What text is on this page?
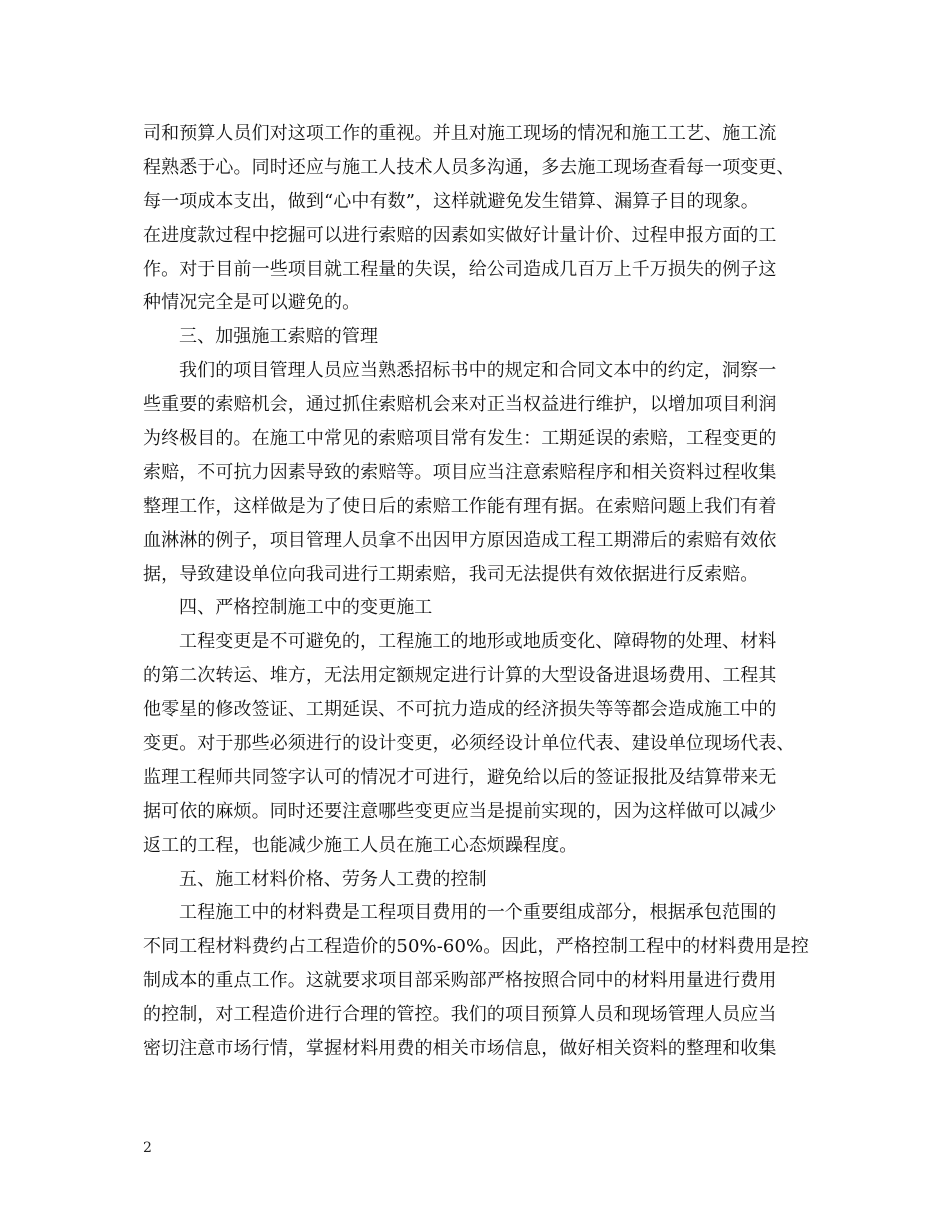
司和预算人员们对这项工作的重视。并且对施工现场的情况和施工工艺、施工流
程熟悉于心。同时还应与施工人技术人员多沟通，多去施工现场查看每一项变更、
每一项成本支出，做到“心中有数”，这样就避免发生错算、漏算子目的现象。
在进度款过程中挖掘可以进行索赔的因素如实做好计量计价、过程申报方面的工
作。对于目前一些项目就工程量的失误，给公司造成几百万上千万损失的例子这
种情况完全是可以避免的。
三、加强施工索赔的管理
我们的项目管理人员应当熟悉招标书中的规定和合同文本中的约定，洞察一
些重要的索赔机会，通过抓住索赔机会来对正当权益进行维护，以增加项目利润
为终极目的。在施工中常见的索赔项目常有发生：工期延误的索赔，工程变更的
索赔，不可抗力因素导致的索赔等。项目应当注意索赔程序和相关资料过程收集
整理工作，这样做是为了使日后的索赔工作能有理有据。在索赔问题上我们有着
血淋淋的例子，项目管理人员拿不出因甲方原因造成工程工期滞后的索赔有效依
据，导致建设单位向我司进行工期索赔，我司无法提供有效依据进行反索赔。
四、严格控制施工中的变更施工
工程变更是不可避免的，工程施工的地形或地质变化、障碍物的处理、材料
的第二次转运、堆方，无法用定额规定进行计算的大型设备进退场费用、工程其
他零星的修改签证、工期延误、不可抗力造成的经济损失等等都会造成施工中的
变更。对于那些必须进行的设计变更，必须经设计单位代表、建设单位现场代表、
监理工程师共同签字认可的情况才可进行，避免给以后的签证报批及结算带来无
据可依的麻烦。同时还要注意哪些变更应当是提前实现的，因为这样做可以减少
返工的工程，也能减少施工人员在施工心态烦躁程度。
五、施工材料价格、劳务人工费的控制
工程施工中的材料费是工程项目费用的一个重要组成部分，根据承包范围的
不同工程材料费约占工程造价的50%-60%。因此，严格控制工程中的材料费用是控
制成本的重点工作。这就要求项目部采购部严格按照合同中的材料用量进行费用
的控制，对工程造价进行合理的管控。我们的项目预算人员和现场管理人员应当
密切注意市场行情，掌握材料用费的相关市场信息，做好相关资料的整理和收集
2
